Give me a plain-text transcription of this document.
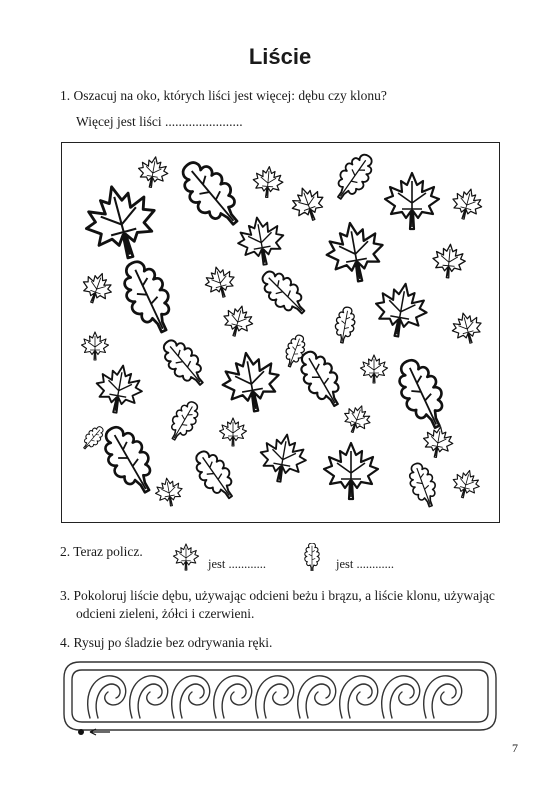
Liście
1. Oszacuj na oko, których liści jest więcej: dębu czy klonu?
Więcej jest liści .......................
2. Teraz policz.
jest ............	jest ............
3. Pokoloruj liście dębu, używając odcieni beżu i brązu, a liście klonu, używając
odcieni zieleni, żółci i czerwieni.
4. Rysuj po śladzie bez odrywania ręki.
7
